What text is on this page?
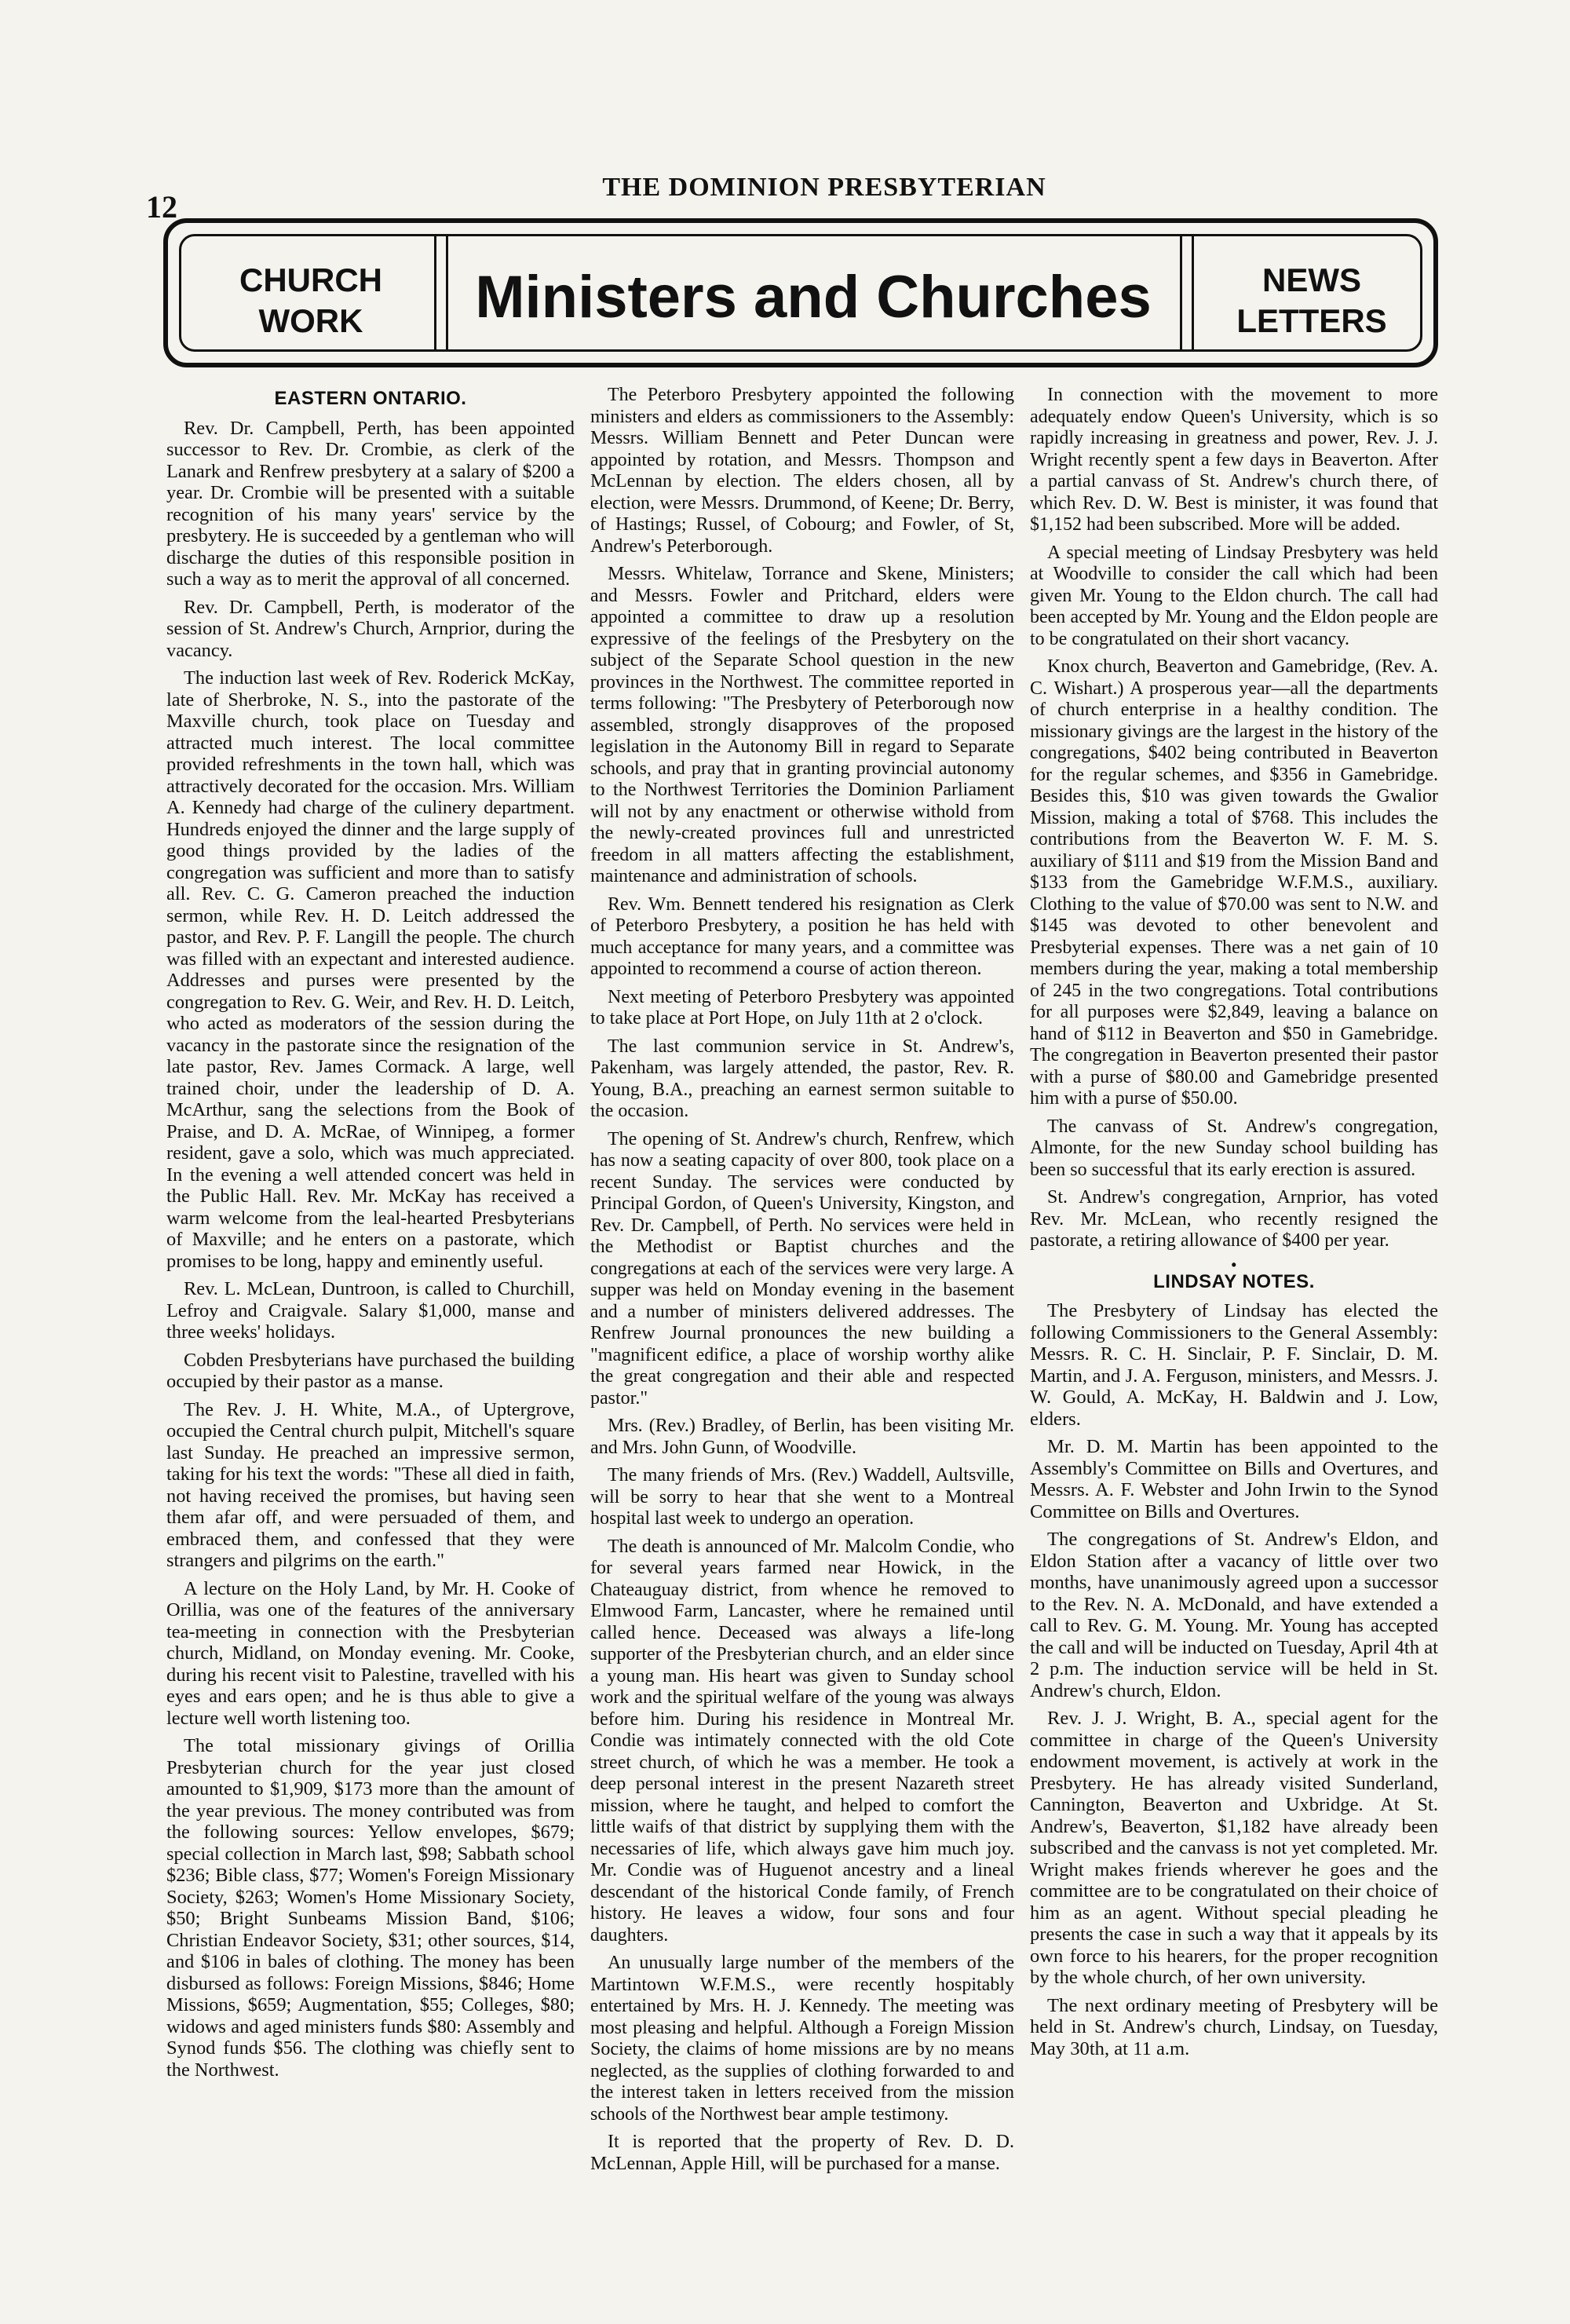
12
THE DOMINION PRESBYTERIAN
CHURCH
WORK	Ministers and Churches	NEWS
LETTERS
EASTERN ONTARIO.

Rev. Dr. Campbell, Perth, has been appointed successor to Rev. Dr. Crombie, as clerk of the Lanark and Renfrew presbytery at a salary of $200 a year. Dr. Crombie will be presented with a suitable recognition of his many years' service by the presbytery. He is succeeded by a gentleman who will discharge the duties of this responsible position in such a way as to merit the approval of all concerned.

Rev. Dr. Campbell, Perth, is moderator of the session of St. Andrew's Church, Arnprior, during the vacancy.

The induction last week of Rev. Roderick McKay, late of Sherbroke, N. S., into the pastorate of the Maxville church, took place on Tuesday and attracted much interest. The local committee provided refreshments in the town hall, which was attractively decorated for the occasion. Mrs. William A. Kennedy had charge of the culinery department. Hundreds enjoyed the dinner and the large supply of good things provided by the ladies of the congregation was sufficient and more than to satisfy all. Rev. C. G. Cameron preached the induction sermon, while Rev. H. D. Leitch addressed the pastor, and Rev. P. F. Langill the people. The church was filled with an expectant and interested audience. Addresses and purses were presented by the congregation to Rev. G. Weir, and Rev. H. D. Leitch, who acted as moderators of the session during the vacancy in the pastorate since the resignation of the late pastor, Rev. James Cormack. A large, well trained choir, under the leadership of D. A. McArthur, sang the selections from the Book of Praise, and D. A. McRae, of Winnipeg, a former resident, gave a solo, which was much appreciated. In the evening a well attended concert was held in the Public Hall. Rev. Mr. McKay has received a warm welcome from the leal-hearted Presbyterians of Maxville; and he enters on a pastorate, which promises to be long, happy and eminently useful.

Rev. L. McLean, Duntroon, is called to Churchill, Lefroy and Craigvale. Salary $1,000, manse and three weeks' holidays.

Cobden Presbyterians have purchased the building occupied by their pastor as a manse.

The Rev. J. H. White, M.A., of Uptergrove, occupied the Central church pulpit, Mitchell's square last Sunday. He preached an impressive sermon, taking for his text the words: "These all died in faith, not having received the promises, but having seen them afar off, and were persuaded of them, and embraced them, and confessed that they were strangers and pilgrims on the earth."

A lecture on the Holy Land, by Mr. H. Cooke of Orillia, was one of the features of the anniversary tea-meeting in connection with the Presbyterian church, Midland, on Monday evening. Mr. Cooke, during his recent visit to Palestine, travelled with his eyes and ears open; and he is thus able to give a lecture well worth listening too.

The total missionary givings of Orillia Presbyterian church for the year just closed amounted to $1,909, $173 more than the amount of the year previous. The money contributed was from the following sources: Yellow envelopes, $679; special collection in March last, $98; Sabbath school $236; Bible class, $77; Women's Foreign Missionary Society, $263; Women's Home Missionary Society, $50; Bright Sunbeams Mission Band, $106; Christian Endeavor Society, $31; other sources, $14, and $106 in bales of clothing. The money has been disbursed as follows: Foreign Missions, $846; Home Missions, $659; Augmentation, $55; Colleges, $80; widows and aged ministers funds $80: Assembly and Synod funds $56. The clothing was chiefly sent to the Northwest.

The Peterboro Presbytery appointed the following ministers and elders as commissioners to the Assembly: Messrs. William Bennett and Peter Duncan were appointed by rotation, and Messrs. Thompson and McLennan by election. The elders chosen, all by election, were Messrs. Drummond, of Keene; Dr. Berry, of Hastings; Russel, of Cobourg; and Fowler, of St, Andrew's Peterborough.

Messrs. Whitelaw, Torrance and Skene, Ministers; and Messrs. Fowler and Pritchard, elders were appointed a committee to draw up a resolution expressive of the feelings of the Presbytery on the subject of the Separate School question in the new provinces in the Northwest. The committee reported in terms following: "The Presbytery of Peterborough now assembled, strongly disapproves of the proposed legislation in the Autonomy Bill in regard to Separate schools, and pray that in granting provincial autonomy to the Northwest Territories the Dominion Parliament will not by any enactment or otherwise withold from the newly-created provinces full and unrestricted freedom in all matters affecting the establishment, maintenance and administration of schools.

Rev. Wm. Bennett tendered his resignation as Clerk of Peterboro Presbytery, a position he has held with much acceptance for many years, and a committee was appointed to recommend a course of action thereon.

Next meeting of Peterboro Presbytery was appointed to take place at Port Hope, on July 11th at 2 o'clock.

The last communion service in St. Andrew's, Pakenham, was largely attended, the pastor, Rev. R. Young, B.A., preaching an earnest sermon suitable to the occasion.

The opening of St. Andrew's church, Renfrew, which has now a seating capacity of over 800, took place on a recent Sunday. The services were conducted by Principal Gordon, of Queen's University, Kingston, and Rev. Dr. Campbell, of Perth. No services were held in the Methodist or Baptist churches and the congregations at each of the services were very large. A supper was held on Monday evening in the basement and a number of ministers delivered addresses. The Renfrew Journal pronounces the new building a "magnificent edifice, a place of worship worthy alike the great congregation and their able and respected pastor."

Mrs. (Rev.) Bradley, of Berlin, has been visiting Mr. and Mrs. John Gunn, of Woodville.

The many friends of Mrs. (Rev.) Waddell, Aultsville, will be sorry to hear that she went to a Montreal hospital last week to undergo an operation.

The death is announced of Mr. Malcolm Condie, who for several years farmed near Howick, in the Chateauguay district, from whence he removed to Elmwood Farm, Lancaster, where he remained until called hence. Deceased was always a life-long supporter of the Presbyterian church, and an elder since a young man. His heart was given to Sunday school work and the spiritual welfare of the young was always before him. During his residence in Montreal Mr. Condie was intimately connected with the old Cote street church, of which he was a member. He took a deep personal interest in the present Nazareth street mission, where he taught, and helped to comfort the little waifs of that district by supplying them with the necessaries of life, which always gave him much joy. Mr. Condie was of Huguenot ancestry and a lineal descendant of the historical Conde family, of French history. He leaves a widow, four sons and four daughters.

An unusually large number of the members of the Martintown W.F.M.S., were recently hospitably entertained by Mrs. H. J. Kennedy. The meeting was most pleasing and helpful. Although a Foreign Mission Society, the claims of home missions are by no means neglected, as the supplies of clothing forwarded to and the interest taken in letters received from the mission schools of the Northwest bear ample testimony.

It is reported that the property of Rev. D. D. McLennan, Apple Hill, will be purchased for a manse.

In connection with the movement to more adequately endow Queen's University, which is so rapidly increasing in greatness and power, Rev. J. J. Wright recently spent a few days in Beaverton. After a partial canvass of St. Andrew's church there, of which Rev. D. W. Best is minister, it was found that $1,152 had been subscribed. More will be added.

A special meeting of Lindsay Presbytery was held at Woodville to consider the call which had been given Mr. Young to the Eldon church. The call had been accepted by Mr. Young and the Eldon people are to be congratulated on their short vacancy.

Knox church, Beaverton and Gamebridge, (Rev. A. C. Wishart.) A prosperous year—all the departments of church enterprise in a healthy condition. The missionary givings are the largest in the history of the congregations, $402 being contributed in Beaverton for the regular schemes, and $356 in Gamebridge. Besides this, $10 was given towards the Gwalior Mission, making a total of $768. This includes the contributions from the Beaverton W. F. M. S. auxiliary of $111 and $19 from the Mission Band and $133 from the Gamebridge W.F.M.S., auxiliary. Clothing to the value of $70.00 was sent to N.W. and $145 was devoted to other benevolent and Presbyterial expenses. There was a net gain of 10 members during the year, making a total membership of 245 in the two congregations. Total contributions for all purposes were $2,849, leaving a balance on hand of $112 in Beaverton and $50 in Gamebridge. The congregation in Beaverton presented their pastor with a purse of $80.00 and Gamebridge presented him with a purse of $50.00.

The canvass of St. Andrew's congregation, Almonte, for the new Sunday school building has been so successful that its early erection is assured.

St. Andrew's congregation, Arnprior, has voted Rev. Mr. McLean, who recently resigned the pastorate, a retiring allowance of $400 per year.

•
LINDSAY NOTES.

The Presbytery of Lindsay has elected the following Commissioners to the General Assembly: Messrs. R. C. H. Sinclair, P. F. Sinclair, D. M. Martin, and J. A. Ferguson, ministers, and Messrs. J. W. Gould, A. McKay, H. Baldwin and J. Low, elders.

Mr. D. M. Martin has been appointed to the Assembly's Committee on Bills and Overtures, and Messrs. A. F. Webster and John Irwin to the Synod Committee on Bills and Overtures.

The congregations of St. Andrew's Eldon, and Eldon Station after a vacancy of little over two months, have unanimously agreed upon a successor to the Rev. N. A. McDonald, and have extended a call to Rev. G. M. Young. Mr. Young has accepted the call and will be inducted on Tuesday, April 4th at 2 p.m. The induction service will be held in St. Andrew's church, Eldon.

Rev. J. J. Wright, B. A., special agent for the committee in charge of the Queen's University endowment movement, is actively at work in the Presbytery. He has already visited Sunderland, Cannington, Beaverton and Uxbridge. At St. Andrew's, Beaverton, $1,182 have already been subscribed and the canvass is not yet completed. Mr. Wright makes friends wherever he goes and the committee are to be congratulated on their choice of him as an agent. Without special pleading he presents the case in such a way that it appeals by its own force to his hearers, for the proper recognition by the whole church, of her own university.

The next ordinary meeting of Presbytery will be held in St. Andrew's church, Lindsay, on Tuesday, May 30th, at 11 a.m.
